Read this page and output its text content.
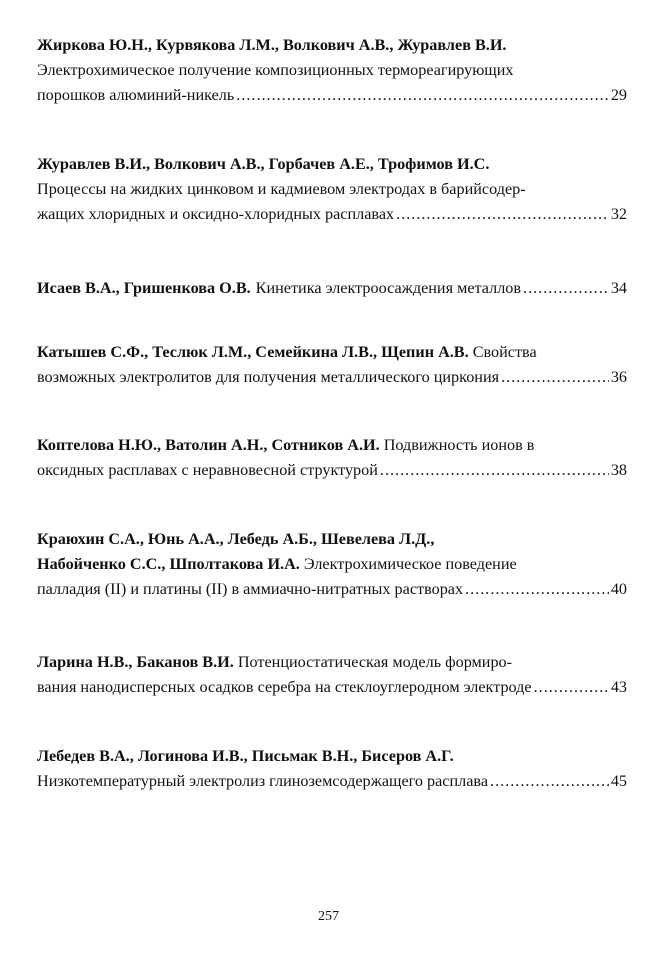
Жиркова Ю.Н., Курвякова Л.М., Волкович А.В., Журавлев В.И.
Электрохимическое получение композиционных термореагирующих
порошков алюминий-никель .....	29
Журавлев В.И., Волкович А.В., Горбачев А.Е., Трофимов И.С.
Процессы на жидких цинковом и кадмиевом электродах в барийсодер-
жащих хлоридных и оксидно-хлоридных расплавах .....	32
Исаев В.А., Гришенкова О.В. Кинетика электроосаждения металлов .....	34
Катышев С.Ф., Теслюк Л.М., Семейкина Л.В., Щепин А.В. Свойства
возможных электролитов для получения металлического циркония .....	36
Коптелова Н.Ю., Ватолин А.Н., Сотников А.И. Подвижность ионов в
оксидных расплавах с неравновесной структурой .....	38
Краюхин С.А., Юнь А.А., Лебедь А.Б., Шевелева Л.Д.,
Набойченко С.С., Шполтакова И.А. Электрохимическое поведение
палладия (II) и платины (II) в аммиачно-нитратных растворах .....	40
Ларина Н.В., Баканов В.И. Потенциостатическая модель формиро-
вания нанодисперсных осадков серебра на стеклоуглеродном электроде .....	43
Лебедев В.А., Логинова И.В., Письмак В.Н., Бисеров А.Г.
Низкотемпературный электролиз глиноземсодержащего расплава .....	45
257
